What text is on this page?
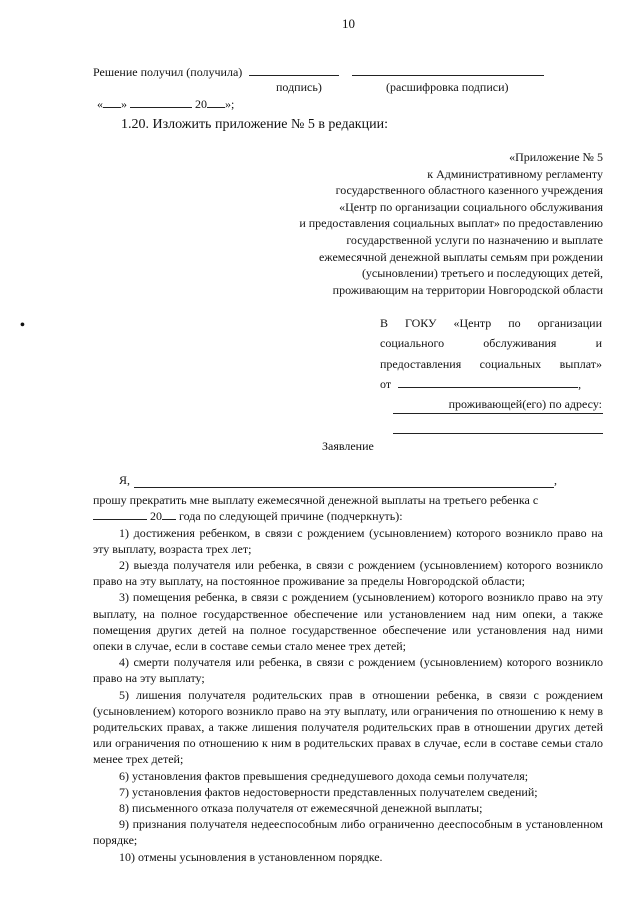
10
Решение получил (получила)
подпись)	(расшифровка подписи)
« »	20 »;
1.20. Изложить приложение № 5 в редакции:
«Приложение № 5
к Административному регламенту
государственного областного казенного учреждения
«Центр по организации социального обслуживания
и предоставления социальных выплат» по предоставлению
государственной услуги по назначению и выплате
ежемесячной денежной выплаты семьям при рождении
(усыновлении) третьего и последующих детей,
проживающим на территории Новгородской области
•	В ГОКУ «Центр по организации
социального обслуживания и
предоставления социальных выплат»
от	,
проживающей(его) по адресу:
Заявление
Я,	,

прошу прекратить мне выплату ежемесячной денежной выплаты на третьего ребенка с

20 года по следующей причине (подчеркнуть):

1) достижения ребенком, в связи с рождением (усыновлением) которого возникло право на эту выплату, возраста трех лет;

2) выезда получателя или ребенка, в связи с рождением (усыновлением) которого возникло право на эту выплату, на постоянное проживание за пределы Новгородской области;

3) помещения ребенка, в связи с рождением (усыновлением) которого возникло право на эту выплату, на полное государственное обеспечение или установлением над ним опеки, а также помещения других детей на полное государственное обеспечение или установления над ними опеки в случае, если в составе семьи стало менее трех детей;

4) смерти получателя или ребенка, в связи с рождением (усыновлением) которого возникло право на эту выплату;

5) лишения получателя родительских прав в отношении ребенка, в связи с рождением (усыновлением) которого возникло право на эту выплату, или ограничения по отношению к нему в родительских правах, а также лишения получателя родительских прав в отношении других детей или ограничения по отношению к ним в родительских правах в случае, если в составе семьи стало менее трех детей;

6) установления фактов превышения среднедушевого дохода семьи получателя;

7) установления фактов недостоверности представленных получателем сведений;

8) письменного отказа получателя от ежемесячной денежной выплаты;

9) признания получателя недееспособным либо ограниченно дееспособным в установленном порядке;

10) отмены усыновления в установленном порядке.
